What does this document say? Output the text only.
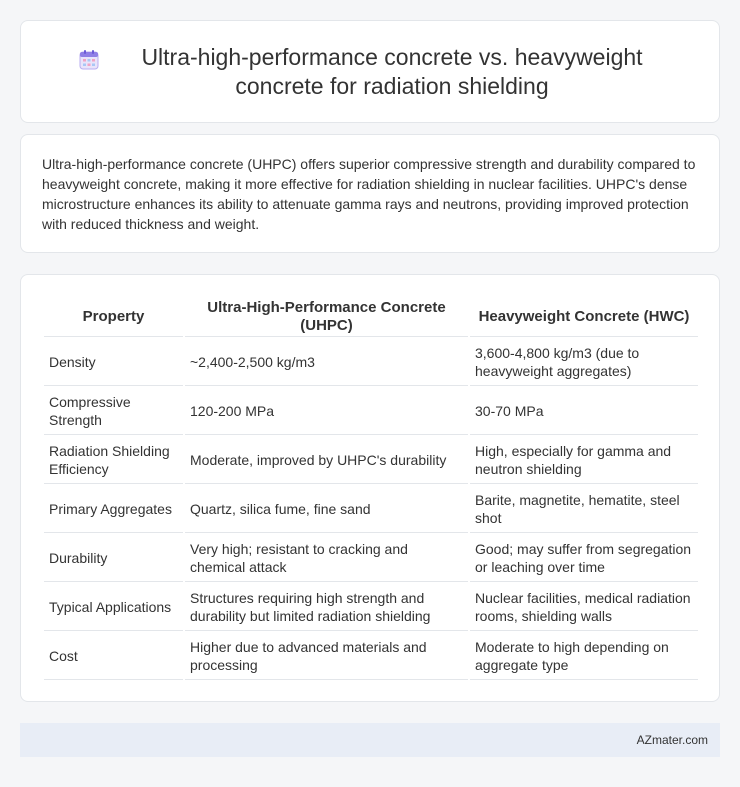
Ultra-high-performance concrete vs. heavyweight concrete for radiation shielding

Ultra-high-performance concrete (UHPC) offers superior compressive strength and durability compared to heavyweight concrete, making it more effective for radiation shielding in nuclear facilities. UHPC's dense microstructure enhances its ability to attenuate gamma rays and neutrons, providing improved protection with reduced thickness and weight.

Property	Ultra-High-Performance Concrete (UHPC)	Heavyweight Concrete (HWC)
Density	~2,400-2,500 kg/m3	3,600-4,800 kg/m3 (due to heavyweight aggregates)
Compressive Strength	120-200 MPa	30-70 MPa
Radiation Shielding Efficiency	Moderate, improved by UHPC's durability	High, especially for gamma and neutron shielding
Primary Aggregates	Quartz, silica fume, fine sand	Barite, magnetite, hematite, steel shot
Durability	Very high; resistant to cracking and chemical attack	Good; may suffer from segregation or leaching over time
Typical Applications	Structures requiring high strength and durability but limited radiation shielding	Nuclear facilities, medical radiation rooms, shielding walls
Cost	Higher due to advanced materials and processing	Moderate to high depending on aggregate type
AZmater.com
